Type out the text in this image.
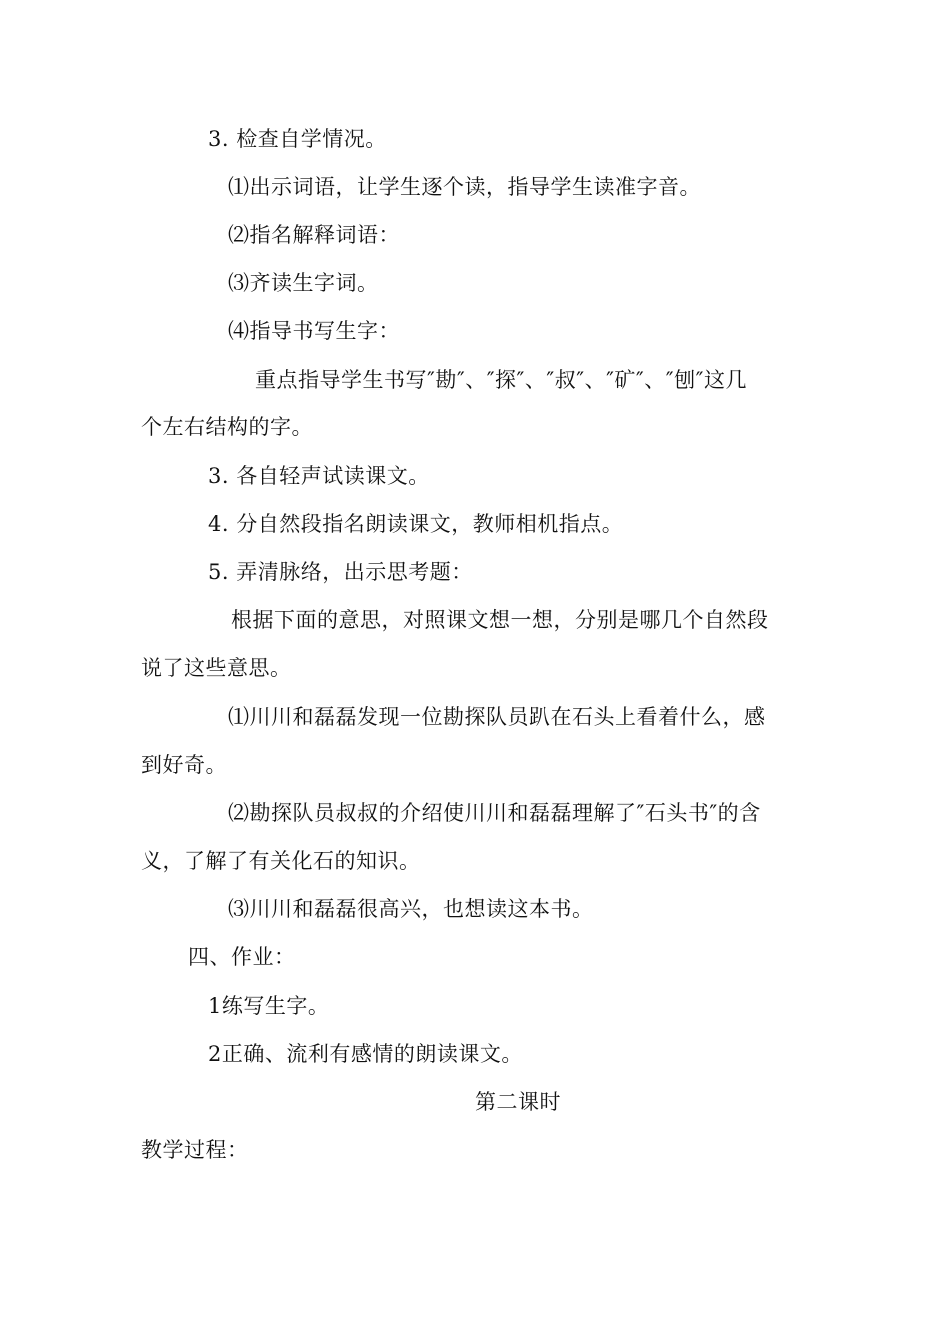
3. 检查自学情况。
⑴出示词语，让学生逐个读，指导学生读准字音。
⑵指名解释词语：
⑶齐读生字词。
⑷指导书写生字：
重点指导学生书写″勘″、″探″、″叔″、″矿″、″刨″这几
个左右结构的字。
3. 各自轻声试读课文。
4. 分自然段指名朗读课文，教师相机指点。
5. 弄清脉络，出示思考题：
根据下面的意思，对照课文想一想，分别是哪几个自然段
说了这些意思。
⑴川川和磊磊发现一位勘探队员趴在石头上看着什么，感
到好奇。
⑵勘探队员叔叔的介绍使川川和磊磊理解了″石头书″的含
义，了解了有关化石的知识。
⑶川川和磊磊很高兴，也想读这本书。
四、作业：
1练写生字。
2正确、流利有感情的朗读课文。
第二课时
教学过程：
